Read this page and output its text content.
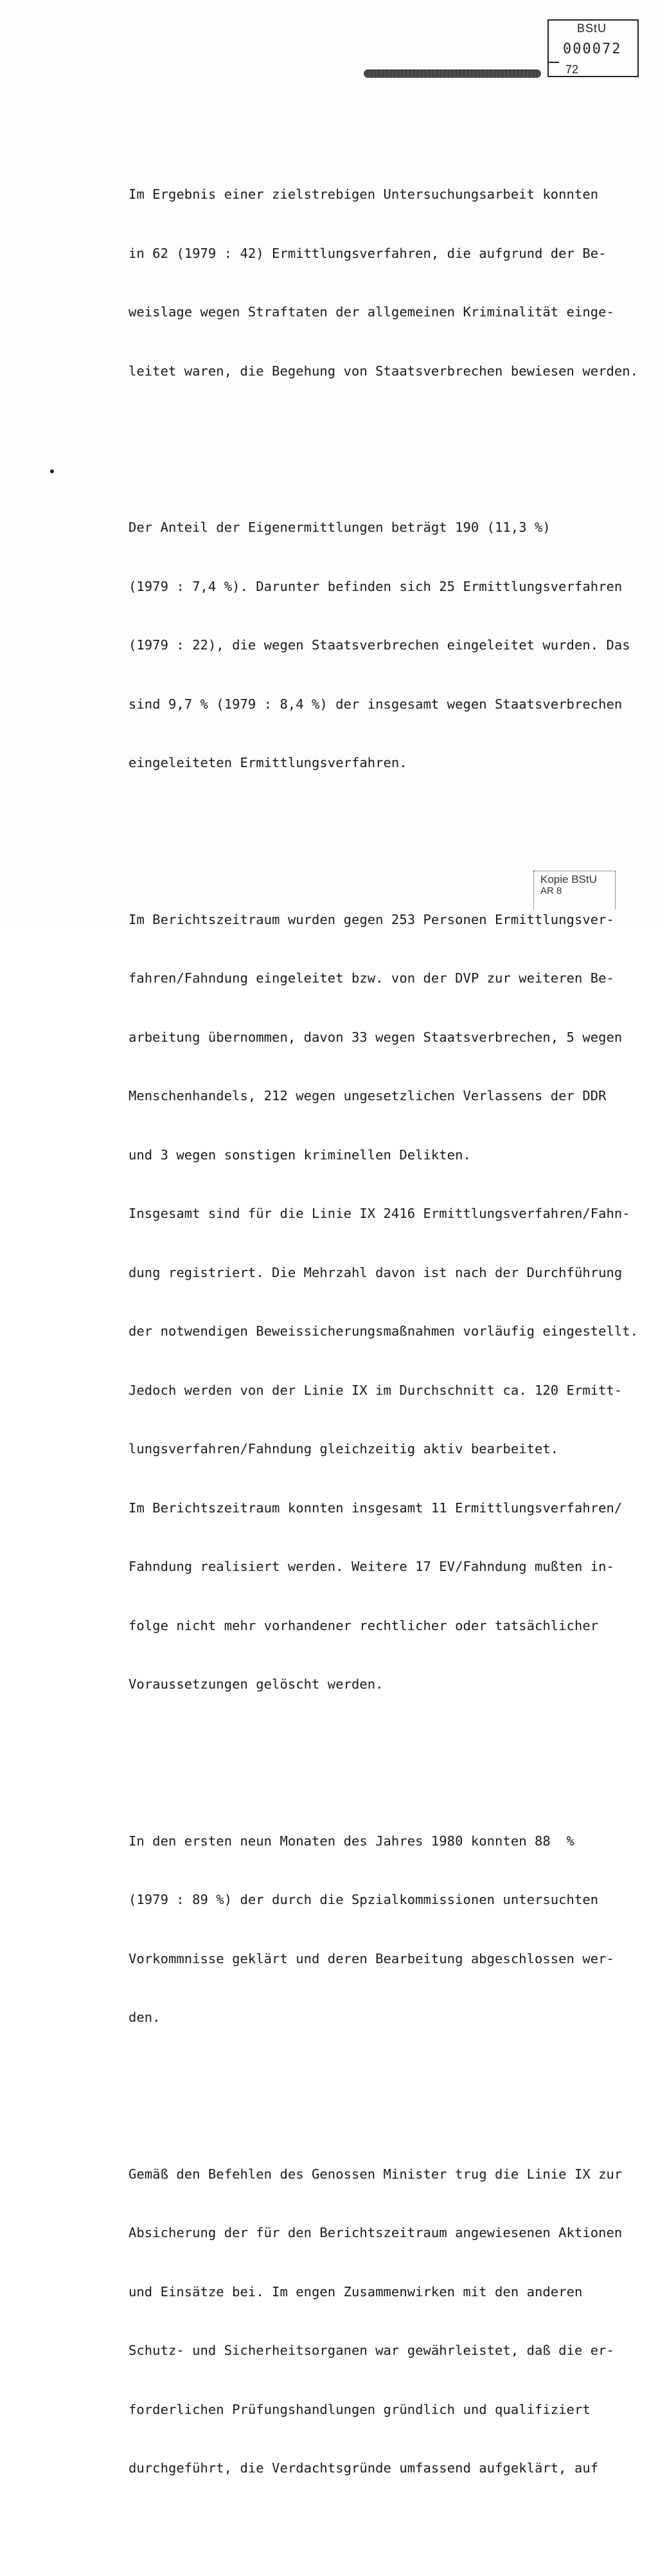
BStU
000072
72

Im Ergebnis einer zielstrebigen Untersuchungsarbeit konnten

in 62 (1979 : 42) Ermittlungsverfahren, die aufgrund der Be-

weislage wegen Straftaten der allgemeinen Kriminalität einge-

leitet waren, die Begehung von Staatsverbrechen bewiesen werden.

Der Anteil der Eigenermittlungen beträgt 190 (11,3 %)

(1979 : 7,4 %). Darunter befinden sich 25 Ermittlungsverfahren

(1979 : 22), die wegen Staatsverbrechen eingeleitet wurden. Das

sind 9,7 % (1979 : 8,4 %) der insgesamt wegen Staatsverbrechen

eingeleiteten Ermittlungsverfahren.

Im Berichtszeitraum wurden gegen 253 Personen Ermittlungsver-

fahren/Fahndung eingeleitet bzw. von der DVP zur weiteren Be-

arbeitung übernommen, davon 33 wegen Staatsverbrechen, 5 wegen

Menschenhandels, 212 wegen ungesetzlichen Verlassens der DDR

und 3 wegen sonstigen kriminellen Delikten.

Insgesamt sind für die Linie IX 2416 Ermittlungsverfahren/Fahn-

dung registriert. Die Mehrzahl davon ist nach der Durchführung

der notwendigen Beweissicherungsmaßnahmen vorläufig eingestellt.

Jedoch werden von der Linie IX im Durchschnitt ca. 120 Ermitt-

lungsverfahren/Fahndung gleichzeitig aktiv bearbeitet.

Im Berichtszeitraum konnten insgesamt 11 Ermittlungsverfahren/

Fahndung realisiert werden. Weitere 17 EV/Fahndung mußten in-

folge nicht mehr vorhandener rechtlicher oder tatsächlicher

Voraussetzungen gelöscht werden.

In den ersten neun Monaten des Jahres 1980 konnten 88  %

(1979 : 89 %) der durch die Spzialkommissionen untersuchten

Vorkommnisse geklärt und deren Bearbeitung abgeschlossen wer-

den.

Gemäß den Befehlen des Genossen Minister trug die Linie IX zur

Absicherung der für den Berichtszeitraum angewiesenen Aktionen

und Einsätze bei. Im engen Zusammenwirken mit den anderen

Schutz- und Sicherheitsorganen war gewährleistet, daß die er-

forderlichen Prüfungshandlungen gründlich und qualifiziert

durchgeführt, die Verdachtsgründe umfassend aufgeklärt, auf

Kopie BStU
AR 8
